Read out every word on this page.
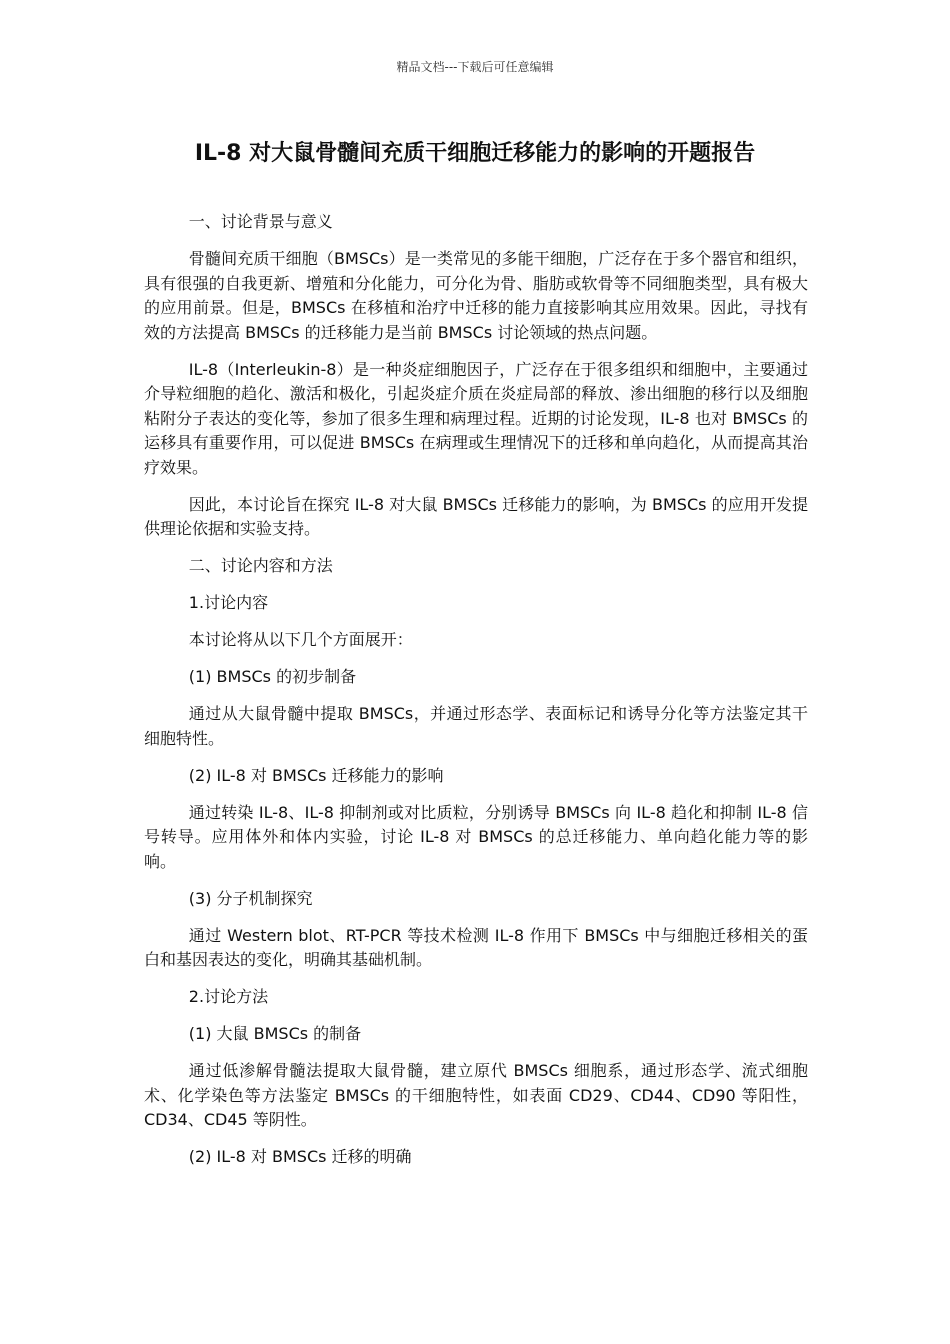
精品文档---下载后可任意编辑
IL-8 对大鼠骨髓间充质干细胞迁移能力的影响的开题报告

一、讨论背景与意义

骨髓间充质干细胞（BMSCs）是一类常见的多能干细胞，广泛存在于多个器官和组织，具有很强的自我更新、增殖和分化能力，可分化为骨、脂肪或软骨等不同细胞类型，具有极大的应用前景。但是，BMSCs 在移植和治疗中迁移的能力直接影响其应用效果。因此，寻找有效的方法提高 BMSCs 的迁移能力是当前 BMSCs 讨论领域的热点问题。

IL-8（Interleukin-8）是一种炎症细胞因子，广泛存在于很多组织和细胞中，主要通过介导粒细胞的趋化、激活和极化，引起炎症介质在炎症局部的释放、渗出细胞的移行以及细胞粘附分子表达的变化等，参加了很多生理和病理过程。近期的讨论发现，IL-8 也对 BMSCs 的运移具有重要作用，可以促进 BMSCs 在病理或生理情况下的迁移和单向趋化，从而提高其治疗效果。

因此，本讨论旨在探究 IL-8 对大鼠 BMSCs 迁移能力的影响，为 BMSCs 的应用开发提供理论依据和实验支持。

二、讨论内容和方法

1.讨论内容

本讨论将从以下几个方面展开：

(1) BMSCs 的初步制备

通过从大鼠骨髓中提取 BMSCs，并通过形态学、表面标记和诱导分化等方法鉴定其干细胞特性。

(2) IL-8 对 BMSCs 迁移能力的影响

通过转染 IL-8、IL-8 抑制剂或对比质粒，分别诱导 BMSCs 向 IL-8 趋化和抑制 IL-8 信号转导。应用体外和体内实验，讨论 IL-8 对 BMSCs 的总迁移能力、单向趋化能力等的影响。

(3) 分子机制探究

通过 Western blot、RT-PCR 等技术检测 IL-8 作用下 BMSCs 中与细胞迁移相关的蛋白和基因表达的变化，明确其基础机制。

2.讨论方法

(1) 大鼠 BMSCs 的制备

通过低渗解骨髓法提取大鼠骨髓，建立原代 BMSCs 细胞系，通过形态学、流式细胞术、化学染色等方法鉴定 BMSCs 的干细胞特性，如表面 CD29、CD44、CD90 等阳性，CD34、CD45 等阴性。

(2) IL-8 对 BMSCs 迁移的明确
